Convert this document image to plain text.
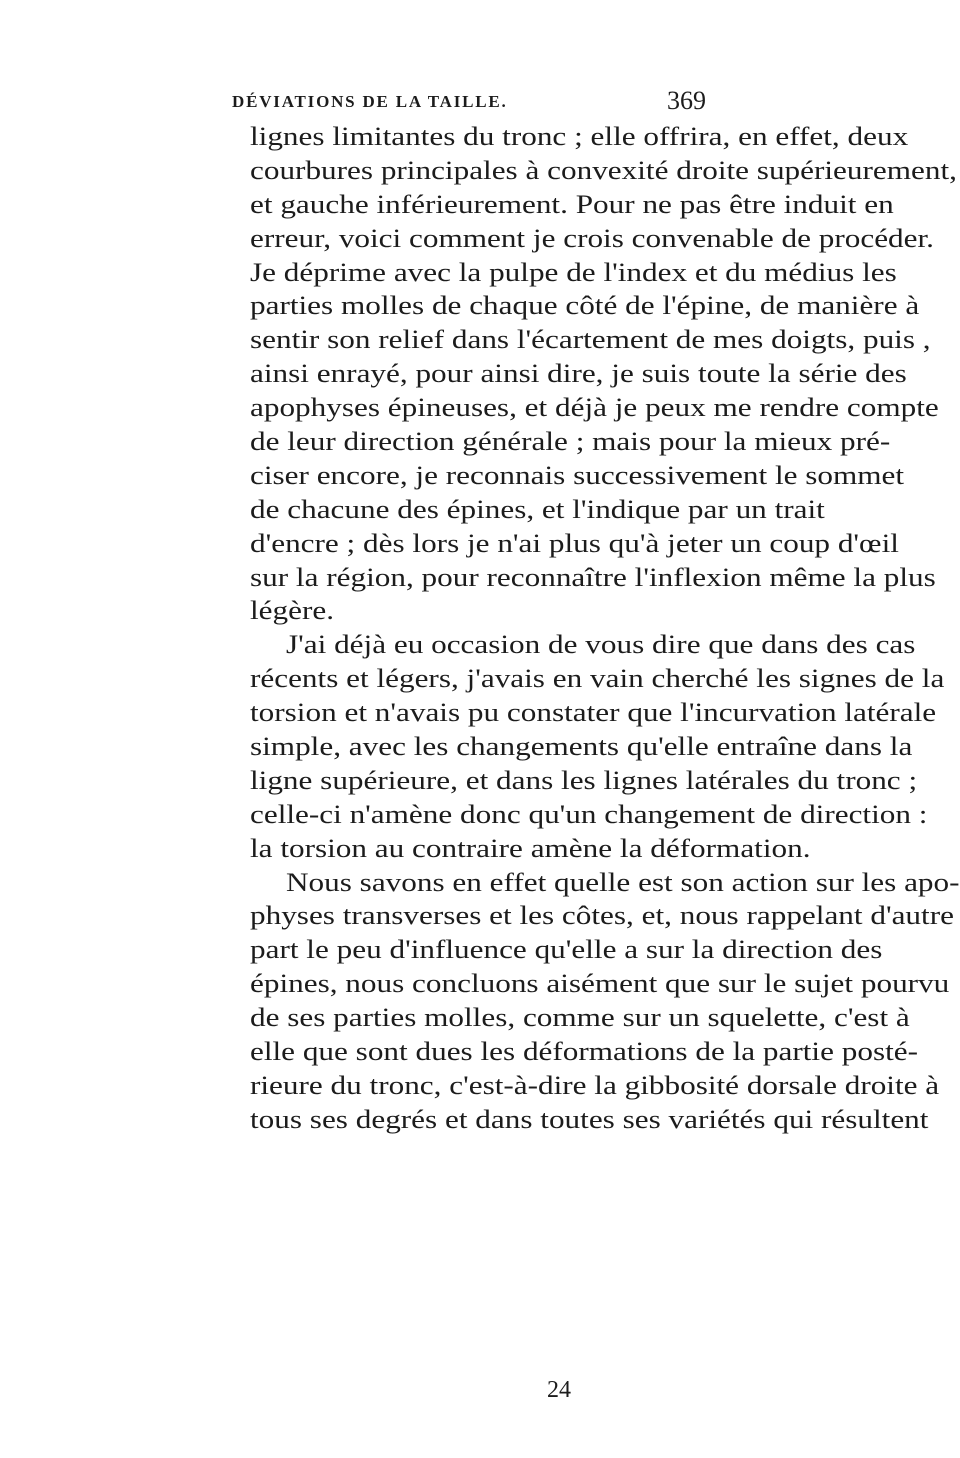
DÉVIATIONS DE LA TAILLE.	369
lignes limitantes du tronc ; elle offrira, en effet, deux
courbures principales à convexité droite supérieurement,
et gauche inférieurement. Pour ne pas être induit en
erreur, voici comment je crois convenable de procéder.
Je déprime avec la pulpe de l'index et du médius les
parties molles de chaque côté de l'épine, de manière à
sentir son relief dans l'écartement de mes doigts, puis ,
ainsi enrayé, pour ainsi dire, je suis toute la série des
apophyses épineuses, et déjà je peux me rendre compte
de leur direction générale ; mais pour la mieux pré-
ciser encore, je reconnais successivement le sommet
de chacune des épines, et l'indique par un trait
d'encre ; dès lors je n'ai plus qu'à jeter un coup d'œil
sur la région, pour reconnaître l'inflexion même la plus
légère.
J'ai déjà eu occasion de vous dire que dans des cas
récents et légers, j'avais en vain cherché les signes de la
torsion et n'avais pu constater que l'incurvation latérale
simple, avec les changements qu'elle entraîne dans la
ligne supérieure, et dans les lignes latérales du tronc ;
celle-ci n'amène donc qu'un changement de direction :
la torsion au contraire amène la déformation.
Nous savons en effet quelle est son action sur les apo-
physes transverses et les côtes, et, nous rappelant d'autre
part le peu d'influence qu'elle a sur la direction des
épines, nous concluons aisément que sur le sujet pourvu
de ses parties molles, comme sur un squelette, c'est à
elle que sont dues les déformations de la partie posté-
rieure du tronc, c'est-à-dire la gibbosité dorsale droite à
tous ses degrés et dans toutes ses variétés qui résultent
24
